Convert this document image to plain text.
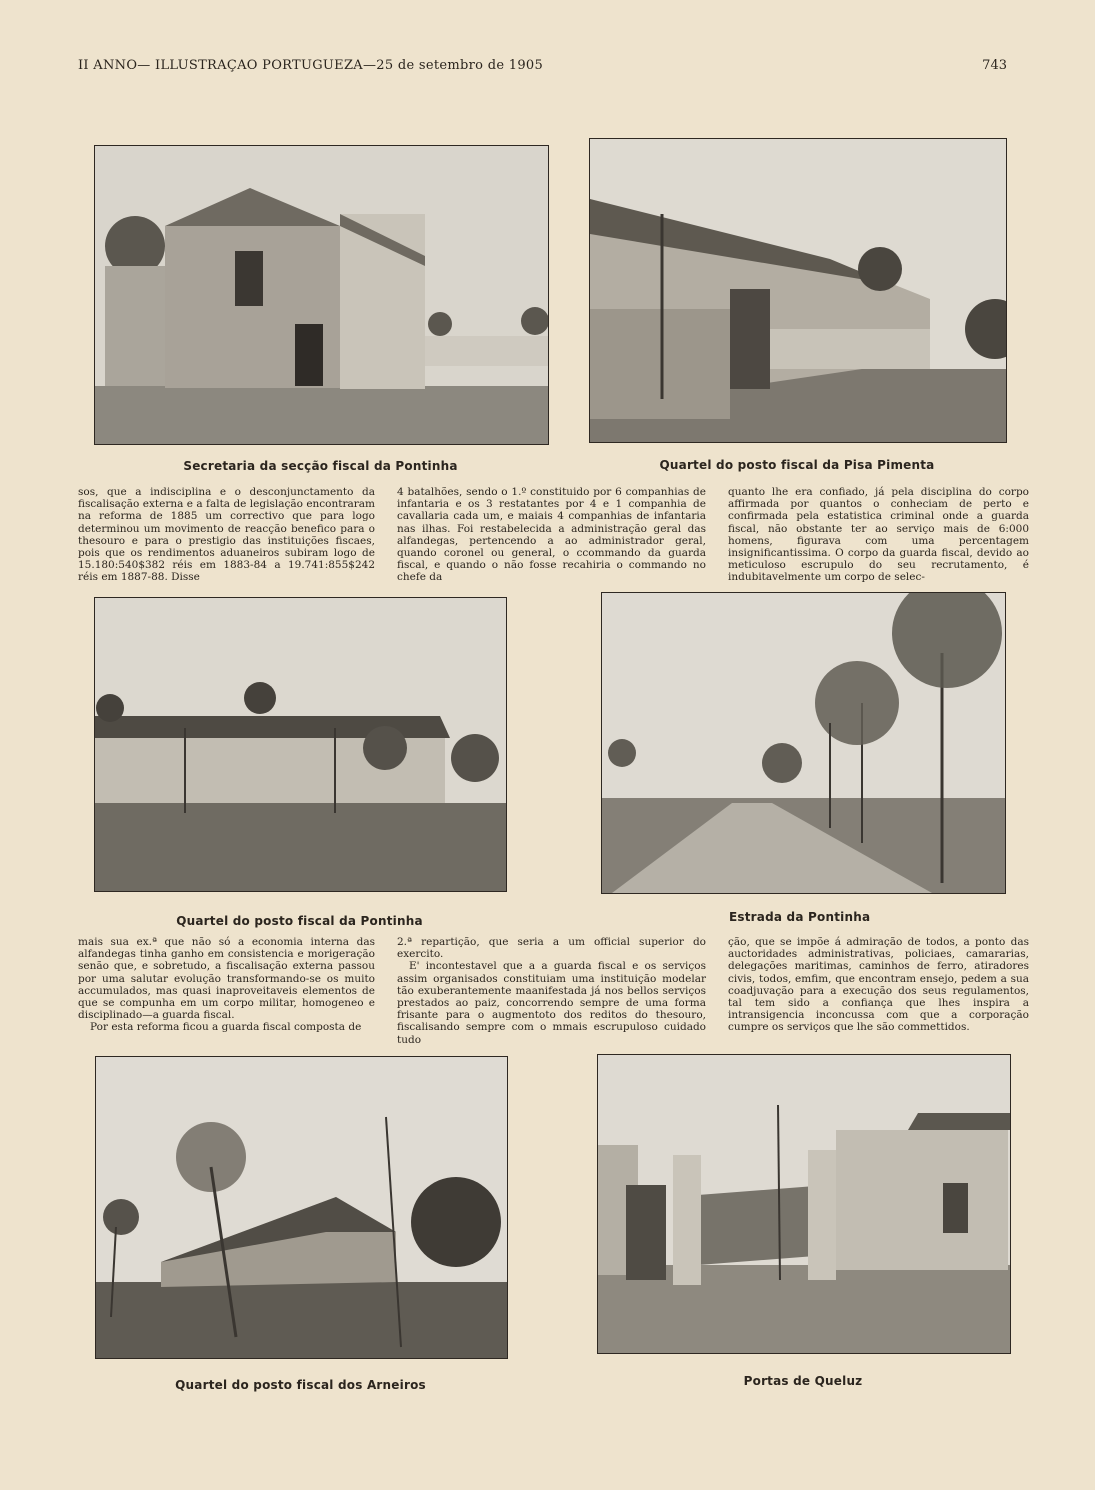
II ANNO— ILLUSTRAÇAO PORTUGUEZA—25 de setembro de 1905	743
Secretaria da secção fiscal da Pontinha	Quartel do posto fiscal da Pisa Pimenta

sos, que a indisciplina e o desconjunctamento da fiscalisação externa e a falta de legislação encontraram na reforma de 1885 um correctivo que para logo determinou um movimento de reacção benefico para o thesouro e para o prestigio das instituições fiscaes, pois que os rendimentos aduaneiros subiram logo de 15.180:540$382 réis em 1883-84 a 19.741:855$242 réis em 1887-88. Disse

4 batalhões, sendo o 1.º constituido por 6 companhias de infantaria e os 3 restatantes por 4 e 1 companhia de cavallaria cada um, e maiais 4 companhias de infantaria nas ilhas. Foi restabelecida a administração geral das alfandegas, pertencendo a ao administrador geral, quando coronel ou general, o ccommando da guarda fiscal, e quando o não fosse recahiria o commando no chefe da

quanto lhe era confiado, já pela disciplina do corpo affirmada por quantos o conheciam de perto e confirmada pela estatistica criminal onde a guarda fiscal, não obstante ter ao serviço mais de 6:000 homens, figurava com uma percentagem insignificantissima. O corpo da guarda fiscal, devido ao meticuloso escrupulo do seu recrutamento, é indubitavelmente um corpo de selec-

Quartel do posto fiscal da Pontinha	Estrada da Pontinha

mais sua ex.ª que não só a economia interna das alfandegas tinha ganho em consistencia e morigeração senão que, e sobretudo, a fiscalisação externa passou por uma salutar evolução transformando-se os muito accumulados, mas quasi inaproveitaveis elementos de que se compunha em um corpo militar, homogeneo e disciplinado—a guarda fiscal.

Por esta reforma ficou a guarda fiscal composta de

2.ª repartição, que seria a um official superior do exercito.

E' incontestavel que a a guarda fiscal e os serviços assim organisados constituiam uma instituição modelar tão exuberantemente maanifestada já nos bellos serviços prestados ao paiz, concorrendo sempre de uma forma frisante para o augmentoto dos reditos do thesouro, fiscalisando sempre com o mmais escrupuloso cuidado tudo

ção, que se impõe á admiração de todos, a ponto das auctoridades administrativas, policiaes, camararias, delegações maritimas, caminhos de ferro, atiradores civis, todos, emfim, que encontram ensejo, pedem a sua coadjuvação para a execução dos seus regulamentos, tal tem sido a confiança que lhes inspira a intransigencia inconcussa com que a corporação cumpre os serviços que lhe são commettidos.

Quartel do posto fiscal dos Arneiros	Portas de Queluz
